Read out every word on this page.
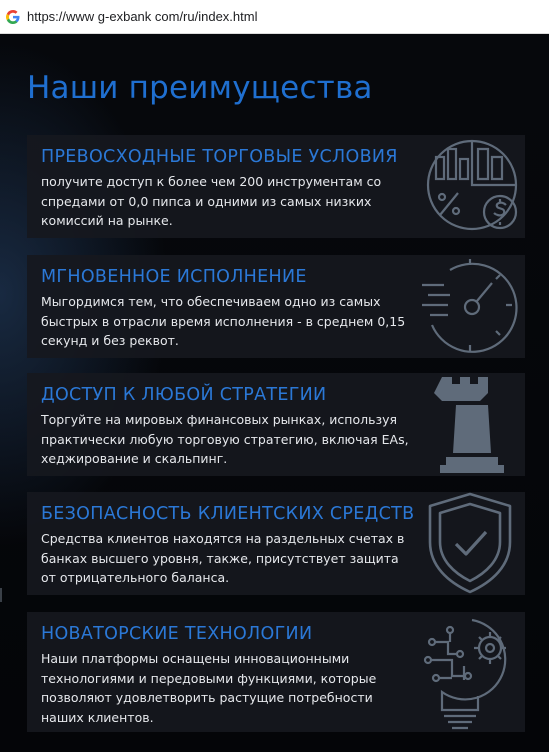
https://www g-exbank com/ru/index.html
Наши преимущества
ПРЕВОСХОДНЫЕ ТОРГОВЫЕ УСЛОВИЯ
получите доступ к более чем 200 инструментам со спредами от 0,0 пипса и одними из самых низких комиссий на рынке.
МГНОВЕННОЕ ИСПОЛНЕНИЕ
Мыгордимся тем, что обеспечиваем одно из самых быстрых в отрасли время исполнения - в среднем 0,15 секунд и без реквот.
ДОСТУП К ЛЮБОЙ СТРАТЕГИИ
Торгуйте на мировых финансовых рынках, используя практически любую торговую стратегию, включая EAs, хеджирование и скальпинг.
БЕЗОПАСНОСТЬ КЛИЕНТСКИХ СРЕДСТВ
Средства клиентов находятся на раздельных счетах в банках высшего уровня, также, присутствует защита от отрицательного баланса.
НОВАТОРСКИЕ ТЕХНОЛОГИИ
Наши платформы оснащены инновационными технологиями и передовыми функциями, которые позволяют удовлетворить растущие потребности наших клиентов.
